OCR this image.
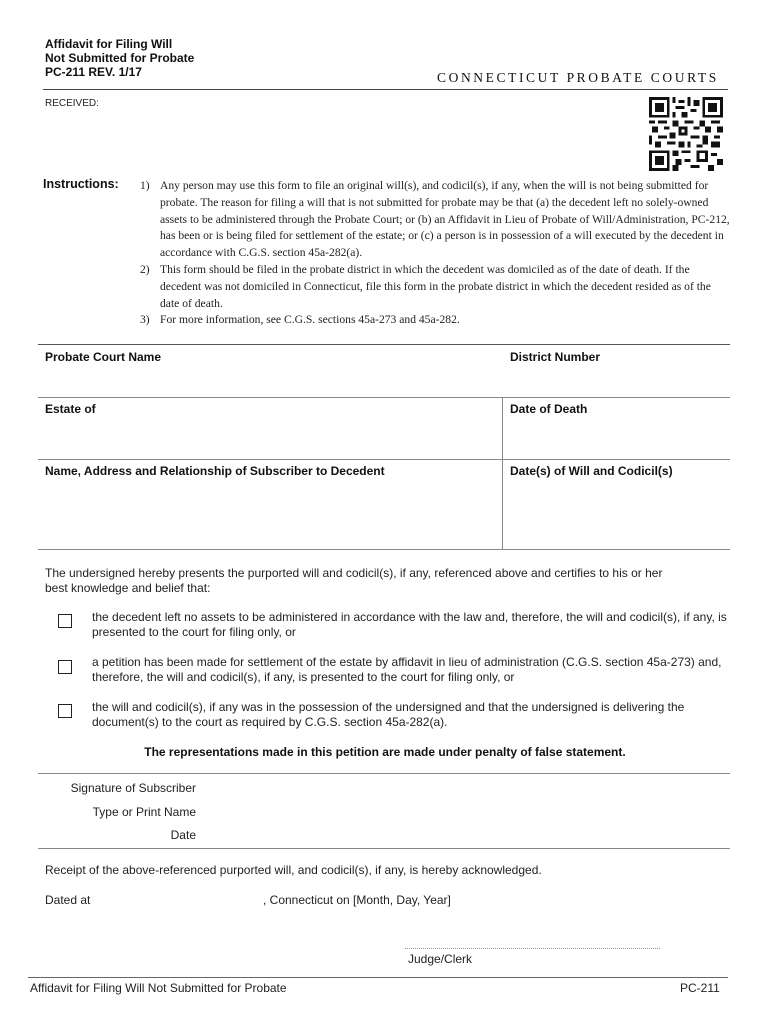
Affidavit for Filing Will
Not Submitted for Probate
PC-211 REV. 1/17	CONNECTICUT PROBATE COURTS
RECEIVED:
Instructions: 1) Any person may use this form to file an original will(s), and codicil(s), if any, when the will is not being submitted for probate. The reason for filing a will that is not submitted for probate may be that (a) the decedent left no solely-owned assets to be administered through the Probate Court; or (b) an Affidavit in Lieu of Probate of Will/Administration, PC-212, has been or is being filed for settlement of the estate; or (c) a person is in possession of a will executed by the decedent in accordance with C.G.S. section 45a-282(a).
2) This form should be filed in the probate district in which the decedent was domiciled as of the date of death. If the decedent was not domiciled in Connecticut, file this form in the probate district in which the decedent resided as of the date of death.
3) For more information, see C.G.S. sections 45a-273 and 45a-282.
Probate Court Name	District Number
Estate of	Date of Death
Name, Address and Relationship of Subscriber to Decedent	Date(s) of Will and Codicil(s)
The undersigned hereby presents the purported will and codicil(s), if any, referenced above and certifies to his or her best knowledge and belief that:
the decedent left no assets to be administered in accordance with the law and, therefore, the will and codicil(s), if any, is presented to the court for filing only, or
a petition has been made for settlement of the estate by affidavit in lieu of administration (C.G.S. section 45a-273) and, therefore, the will and codicil(s), if any, is presented to the court for filing only, or
the will and codicil(s), if any was in the possession of the undersigned and that the undersigned is delivering the document(s) to the court as required by C.G.S. section 45a-282(a).
The representations made in this petition are made under penalty of false statement.
Signature of Subscriber
Type or Print Name
Date
Receipt of the above-referenced purported will, and codicil(s), if any, is hereby acknowledged.
Dated at	, Connecticut on [Month, Day, Year]
Judge/Clerk
Affidavit for Filing Will Not Submitted for Probate	PC-211
